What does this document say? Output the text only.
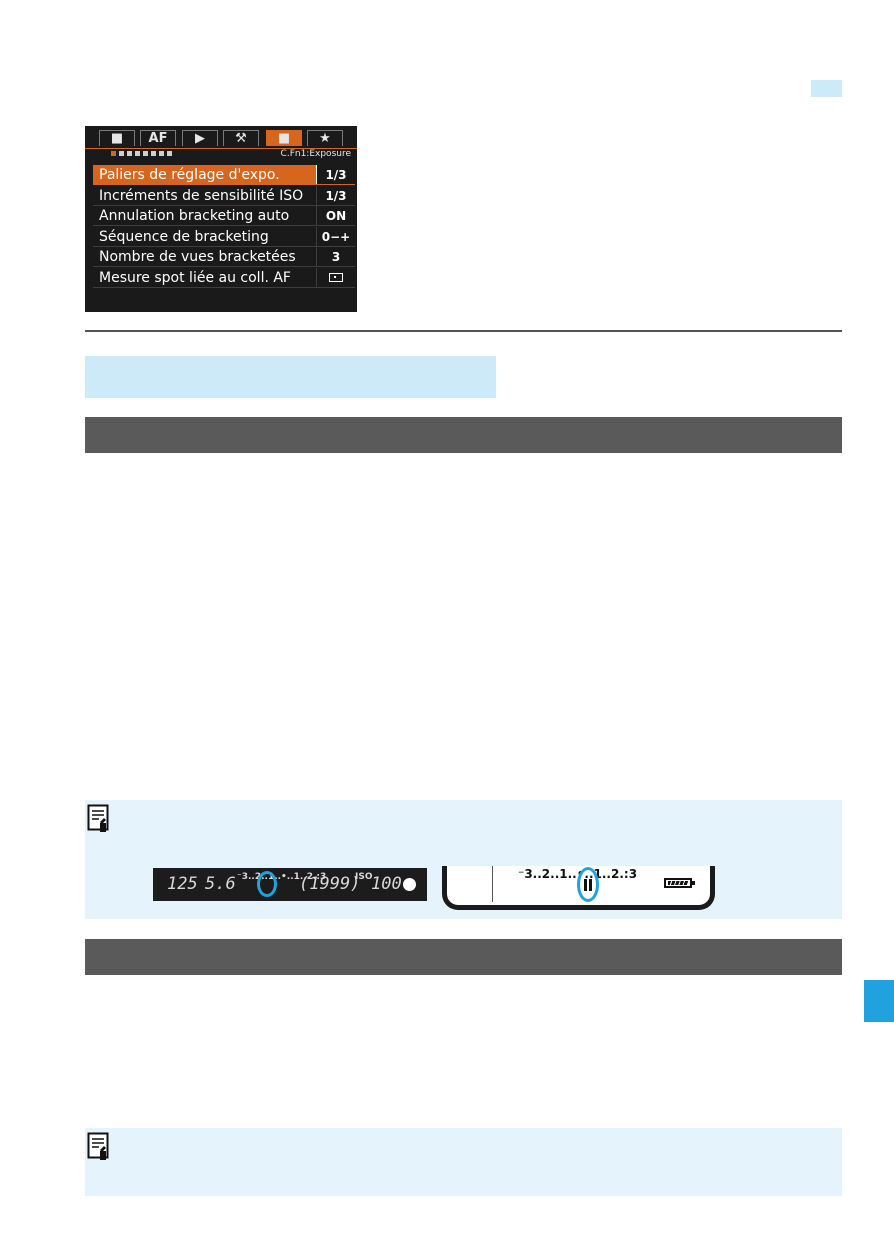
■	AF	▶	⚒	■	★
C.Fn1:Exposure
Paliers de réglage d'expo.	1/3
Incréments de sensibilité ISO	1/3
Annulation bracketing auto	ON
Séquence de bracketing	0−+
Nombre de vues bracketées	3
Mesure spot liée au coll. AF
125 5.6 ⁻3..2..1..•..1..2.:3
(1999)
ISO
100	⁻3..2..1..•..1..2.:3
